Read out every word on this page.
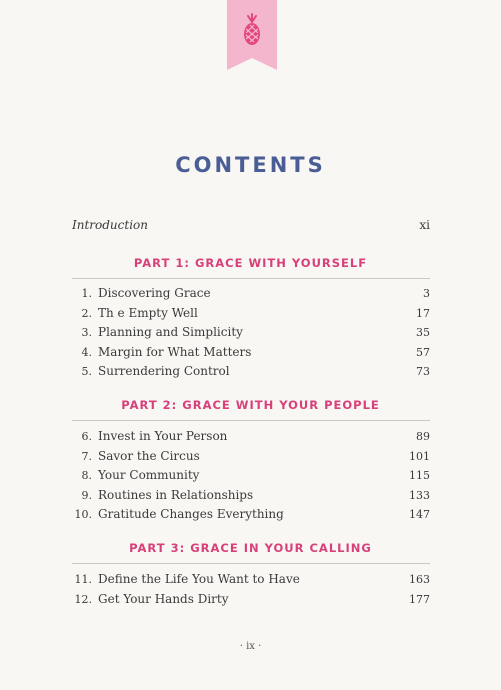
CONTENTS
Introduction	xi
PART 1: GRACE WITH YOURSELF
1. Discovering Grace	3
2. Th e Empty Well	17
3. Planning and Simplicity	35
4. Margin for What Matters	57
5. Surrendering Control	73
PART 2: GRACE WITH YOUR PEOPLE
6. Invest in Your Person	89
7. Savor the Circus	101
8. Your Community	115
9. Routines in Relationships	133
10. Gratitude Changes Everything	147
PART 3: GRACE IN YOUR CALLING
11. Define the Life You Want to Have	163
12. Get Your Hands Dirty	177
· ix ·
